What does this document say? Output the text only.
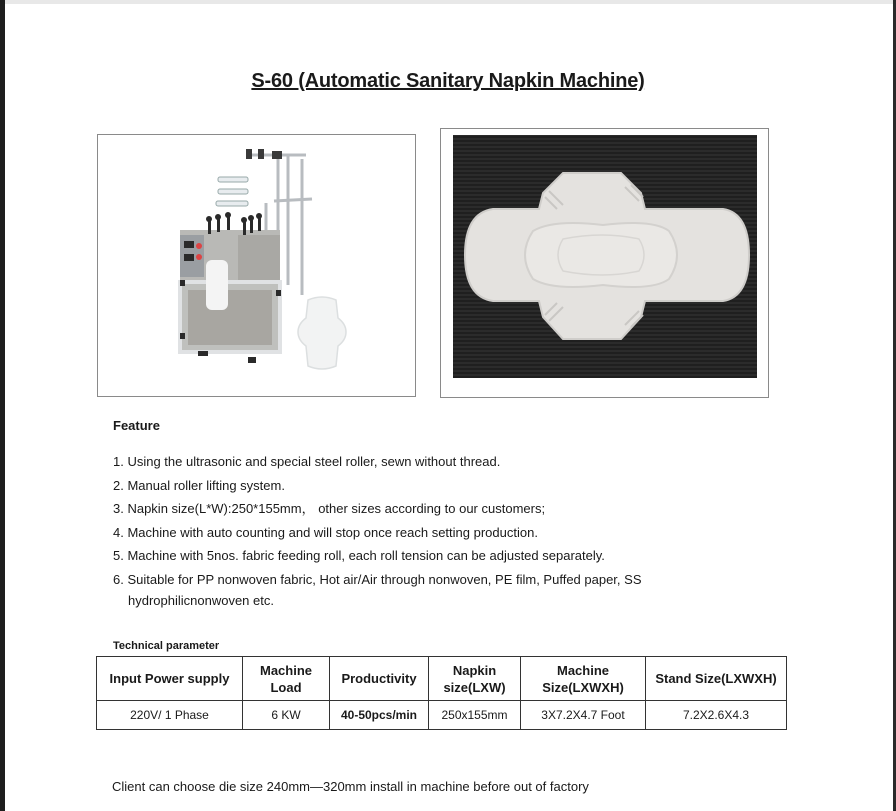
S-60 (Automatic Sanitary Napkin Machine)
Feature
1. Using the ultrasonic and special steel roller, sewn without thread.
2. Manual roller lifting system.
3. Napkin size(L*W):250*155mm， other sizes according to our customers;
4. Machine with auto counting and will stop once reach setting production.
5. Machine with 5nos. fabric feeding roll, each roll tension can be adjusted separately.
6. Suitable for PP nonwoven fabric, Hot air/Air through nonwoven, PE film, Puffed paper, SS
hydrophilicnonwoven etc.
Technical parameter
Input Power supply	Machine
Load	Productivity	Napkin
size(LXW)	Machine
Size(LXWXH)	Stand Size(LXWXH)
220V/ 1 Phase	6 KW	40-50pcs/min	250x155mm	3X7.2X4.7 Foot	7.2X2.6X4.3
Client can choose die size 240mm—320mm install in machine before out of factory
